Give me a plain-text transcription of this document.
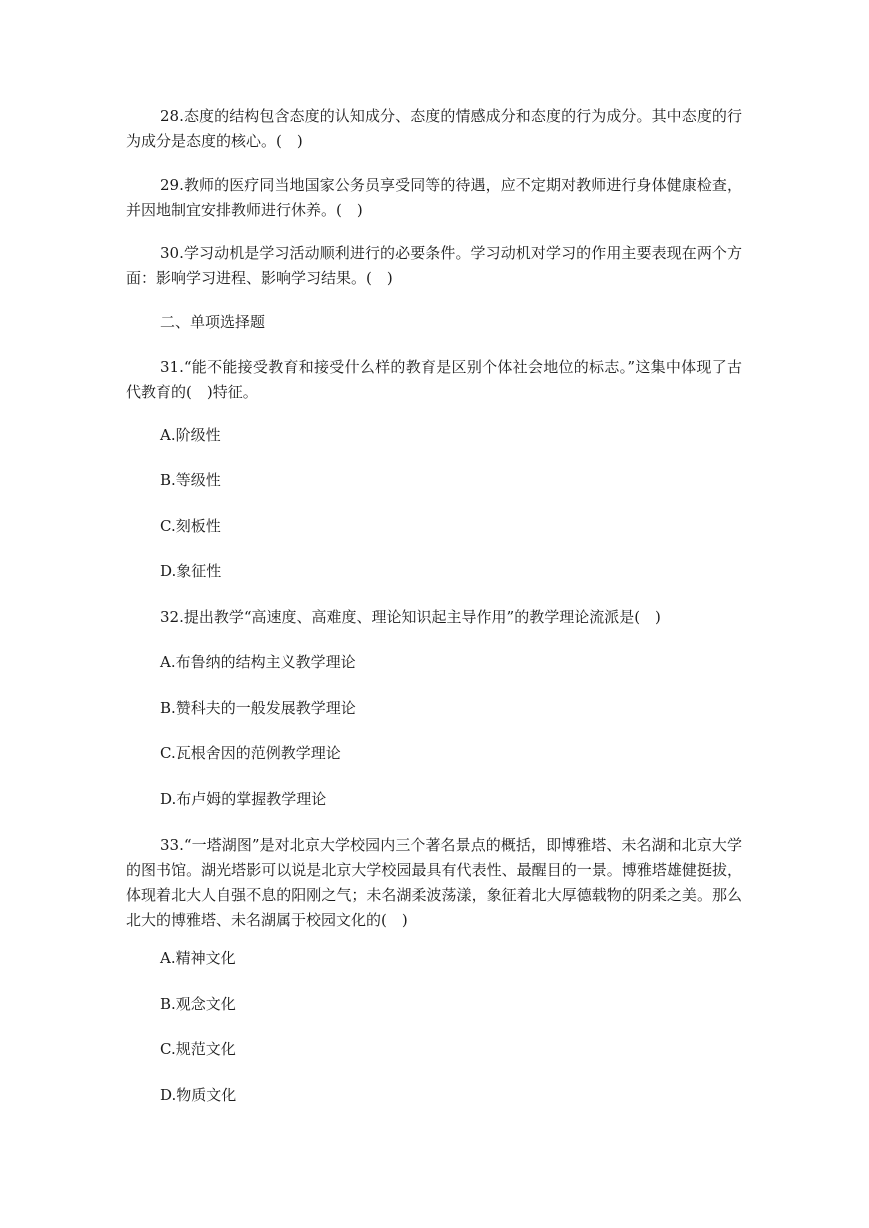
28.态度的结构包含态度的认知成分、态度的情感成分和态度的行为成分。其中态度的行为成分是态度的核心。(　)

29.教师的医疗同当地国家公务员享受同等的待遇，应不定期对教师进行身体健康检查，并因地制宜安排教师进行休养。(　)

30.学习动机是学习活动顺利进行的必要条件。学习动机对学习的作用主要表现在两个方面：影响学习进程、影响学习结果。(　)

二、单项选择题

31.“能不能接受教育和接受什么样的教育是区别个体社会地位的标志。”这集中体现了古代教育的(　)特征。

A.阶级性
B.等级性
C.刻板性
D.象征性
32.提出教学“高速度、高难度、理论知识起主导作用”的教学理论流派是(　)
A.布鲁纳的结构主义教学理论
B.赞科夫的一般发展教学理论
C.瓦根舍因的范例教学理论
D.布卢姆的掌握教学理论

33.“一塔湖图”是对北京大学校园内三个著名景点的概括，即博雅塔、未名湖和北京大学的图书馆。湖光塔影可以说是北京大学校园最具有代表性、最醒目的一景。博雅塔雄健挺拔，体现着北大人自强不息的阳刚之气；未名湖柔波荡漾，象征着北大厚德载物的阴柔之美。那么北大的博雅塔、未名湖属于校园文化的(　)

A.精神文化
B.观念文化
C.规范文化
D.物质文化
